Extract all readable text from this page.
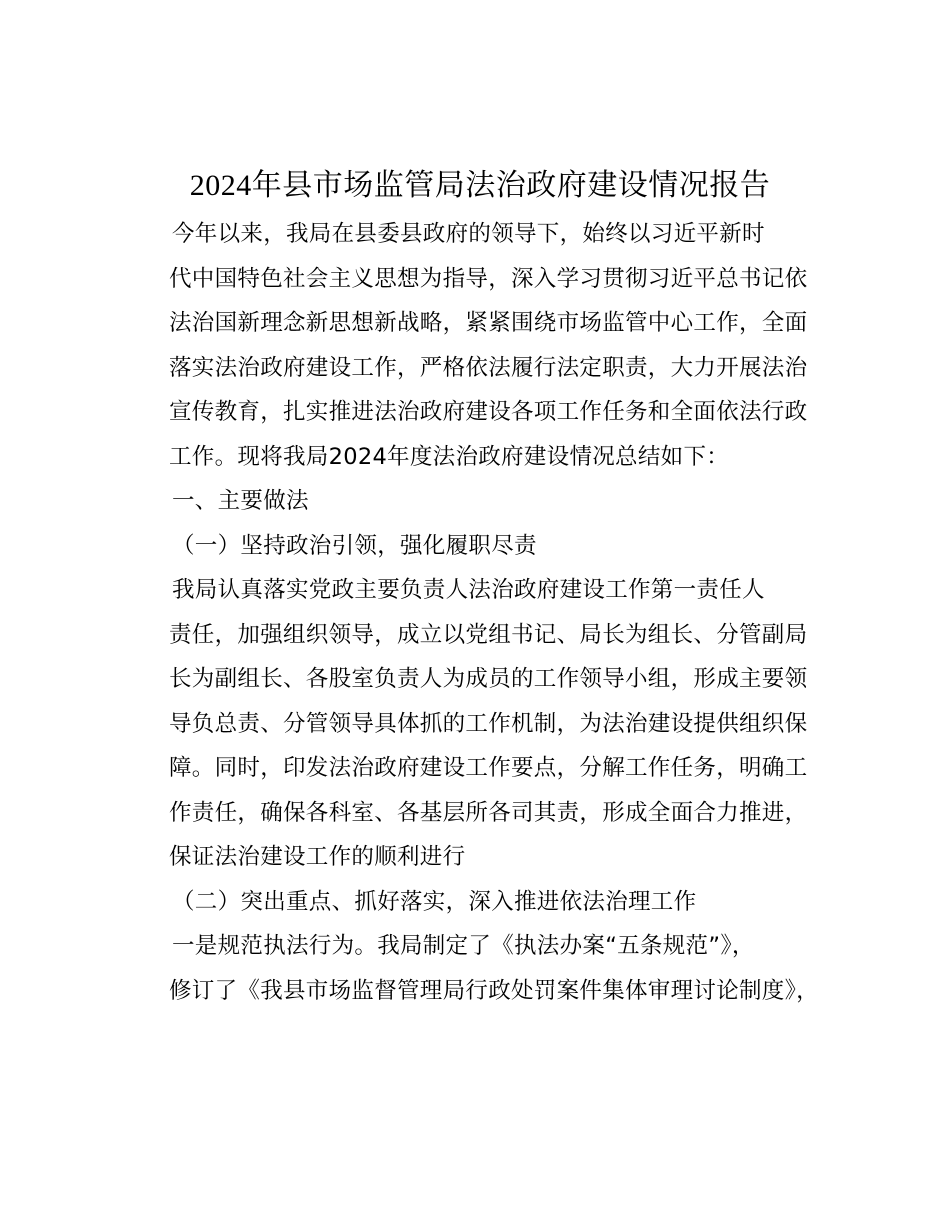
2024年县市场监管局法治政府建设情况报告
今年以来，我局在县委县政府的领导下，始终以习近平新时
代中国特色社会主义思想为指导，深入学习贯彻习近平总书记依
法治国新理念新思想新战略，紧紧围绕市场监管中心工作，全面
落实法治政府建设工作，严格依法履行法定职责，大力开展法治
宣传教育，扎实推进法治政府建设各项工作任务和全面依法行政
工作。现将我局2024年度法治政府建设情况总结如下：

一、主要做法

（一）坚持政治引领，强化履职尽责

我局认真落实党政主要负责人法治政府建设工作第一责任人
责任，加强组织领导，成立以党组书记、局长为组长、分管副局
长为副组长、各股室负责人为成员的工作领导小组，形成主要领
导负总责、分管领导具体抓的工作机制，为法治建设提供组织保
障。同时，印发法治政府建设工作要点，分解工作任务，明确工
作责任，确保各科室、各基层所各司其责，形成全面合力推进，
保证法治建设工作的顺利进行

（二）突出重点、抓好落实，深入推进依法治理工作

一是规范执法行为。我局制定了《执法办案“五条规范”》，
修订了《我县市场监督管理局行政处罚案件集体审理讨论制度》，
